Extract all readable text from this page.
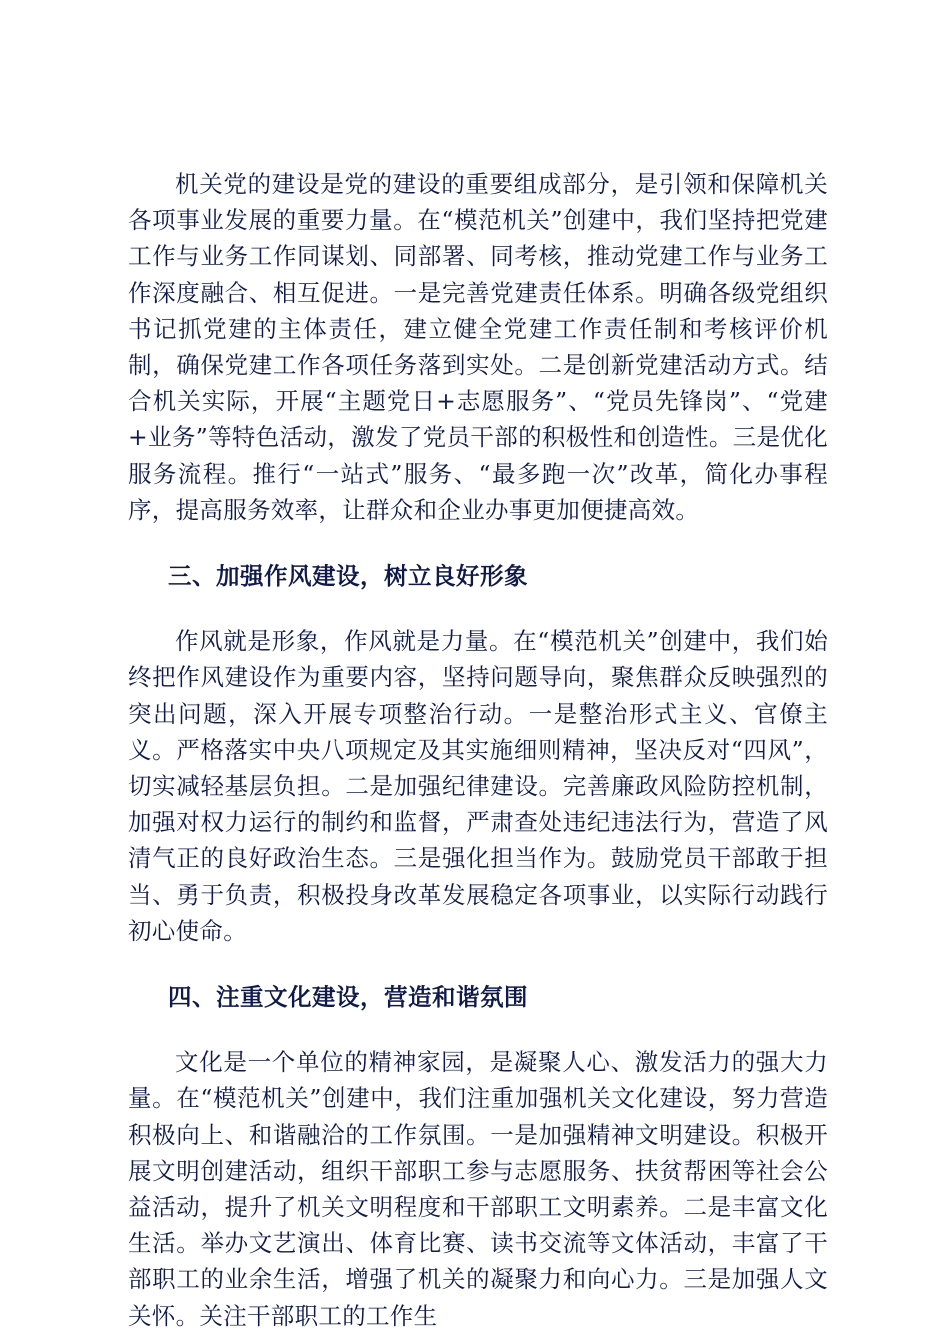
机关党的建设是党的建设的重要组成部分，是引领和保障机关各项事业发展的重要力量。在“模范机关”创建中，我们坚持把党建工作与业务工作同谋划、同部署、同考核，推动党建工作与业务工作深度融合、相互促进。一是完善党建责任体系。明确各级党组织书记抓党建的主体责任，建立健全党建工作责任制和考核评价机制，确保党建工作各项任务落到实处。二是创新党建活动方式。结合机关实际，开展“主题党日+志愿服务”、“党员先锋岗”、“党建+业务”等特色活动，激发了党员干部的积极性和创造性。三是优化服务流程。推行“一站式”服务、“最多跑一次”改革，简化办事程序，提高服务效率，让群众和企业办事更加便捷高效。

三、加强作风建设，树立良好形象

作风就是形象，作风就是力量。在“模范机关”创建中，我们始终把作风建设作为重要内容，坚持问题导向，聚焦群众反映强烈的突出问题，深入开展专项整治行动。一是整治形式主义、官僚主义。严格落实中央八项规定及其实施细则精神，坚决反对“四风”，切实减轻基层负担。二是加强纪律建设。完善廉政风险防控机制，加强对权力运行的制约和监督，严肃查处违纪违法行为，营造了风清气正的良好政治生态。三是强化担当作为。鼓励党员干部敢于担当、勇于负责，积极投身改革发展稳定各项事业，以实际行动践行初心使命。

四、注重文化建设，营造和谐氛围

文化是一个单位的精神家园，是凝聚人心、激发活力的强大力量。在“模范机关”创建中，我们注重加强机关文化建设，努力营造积极向上、和谐融洽的工作氛围。一是加强精神文明建设。积极开展文明创建活动，组织干部职工参与志愿服务、扶贫帮困等社会公益活动，提升了机关文明程度和干部职工文明素养。二是丰富文化生活。举办文艺演出、体育比赛、读书交流等文体活动，丰富了干部职工的业余生活，增强了机关的凝聚力和向心力。三是加强人文关怀。关注干部职工的工作生
